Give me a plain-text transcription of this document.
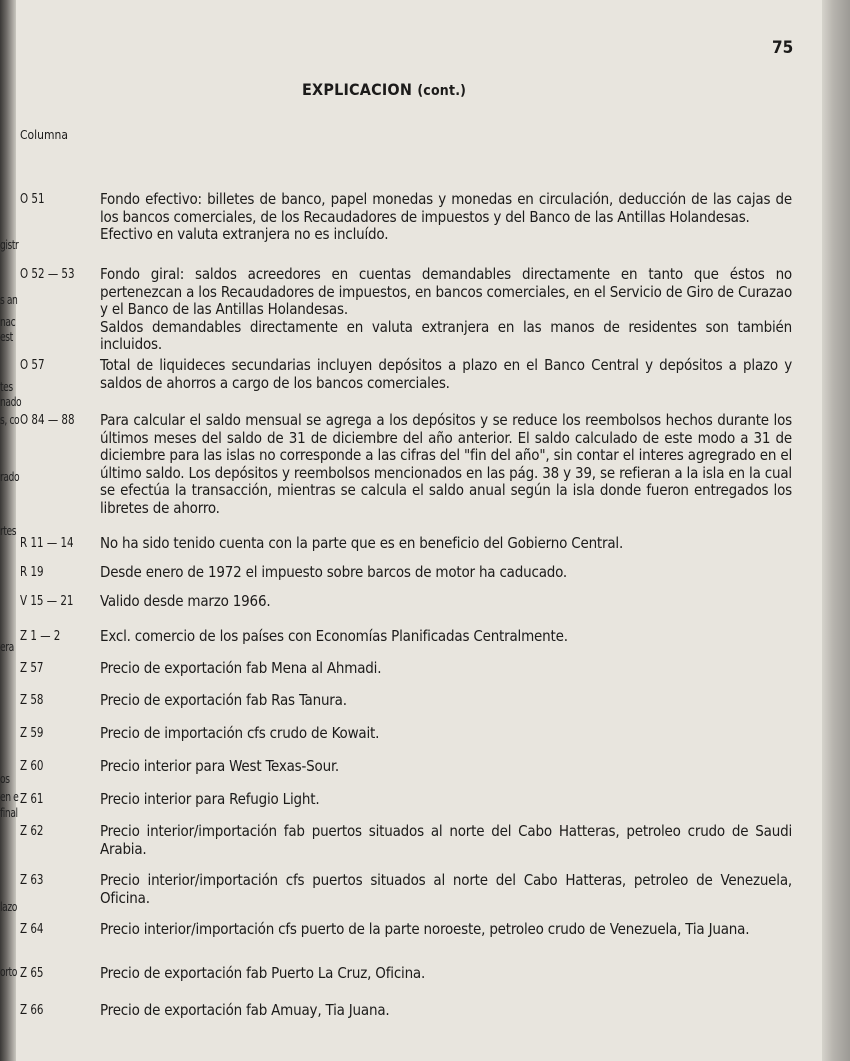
gistr
s an
nac
est
tes
nado
s, co
rado
rtes
era
os
en e
final
lazo
orto
75
EXPLICACION (cont.)
Columna
O 51	Fondo efectivo: billetes de banco, papel monedas y monedas en circulación, deducción de las cajas de los bancos comerciales, de los Recaudadores de impuestos y del Banco de las Antillas Holandesas.

Efectivo en valuta extranjera no es incluído.

O 52 — 53 Fondo giral: saldos acreedores en cuentas demandables directamente en tanto que éstos no pertenezcan a los Recaudadores de impuestos, en bancos comerciales, en el Servicio de Giro de Curazao y el Banco de las Antillas Holandesas.

Saldos demandables directamente en valuta extranjera en las manos de residentes son también incluidos.

O 57	Total de liquideces secundarias incluyen depósitos a plazo en el Banco Central y depósitos a plazo y saldos de ahorros a cargo de los bancos comerciales.

O 84 — 88 Para calcular el saldo mensual se agrega a los depósitos y se reduce los reembolsos hechos durante los últimos meses del saldo de 31 de diciembre del año anterior. El saldo calculado de este modo a 31 de diciembre para las islas no corresponde a las cifras del "fin del año", sin contar el interes agregrado en el último saldo. Los depósitos y reembolsos mencionados en las pág. 38 y 39, se refieran a la isla en la cual se efectúa la transacción, mientras se calcula el saldo anual según la isla donde fueron entregados los libretes de ahorro.

R 11 — 14 No ha sido tenido cuenta con la parte que es en beneficio del Gobierno Central.

R 19	Desde enero de 1972 el impuesto sobre barcos de motor ha caducado.

V 15 — 21 Valido desde marzo 1966.

Z 1 — 2	Excl. comercio de los países con Economías Planificadas Centralmente.

Z 57	Precio de exportación fab Mena al Ahmadi.

Z 58	Precio de exportación fab Ras Tanura.

Z 59	Precio de importación cfs crudo de Kowait.

Z 60	Precio interior para West Texas-Sour.

Z 61	Precio interior para Refugio Light.

Z 62	Precio interior/importación fab puertos situados al norte del Cabo Hatteras, petroleo crudo de Saudi Arabia.

Z 63	Precio interior/importación cfs puertos situados al norte del Cabo Hatteras, petroleo de Venezuela, Oficina.

Z 64	Precio interior/importación cfs puerto de la parte noroeste, petroleo crudo de Venezuela, Tia Juana.

Z 65	Precio de exportación fab Puerto La Cruz, Oficina.

Z 66	Precio de exportación fab Amuay, Tia Juana.
